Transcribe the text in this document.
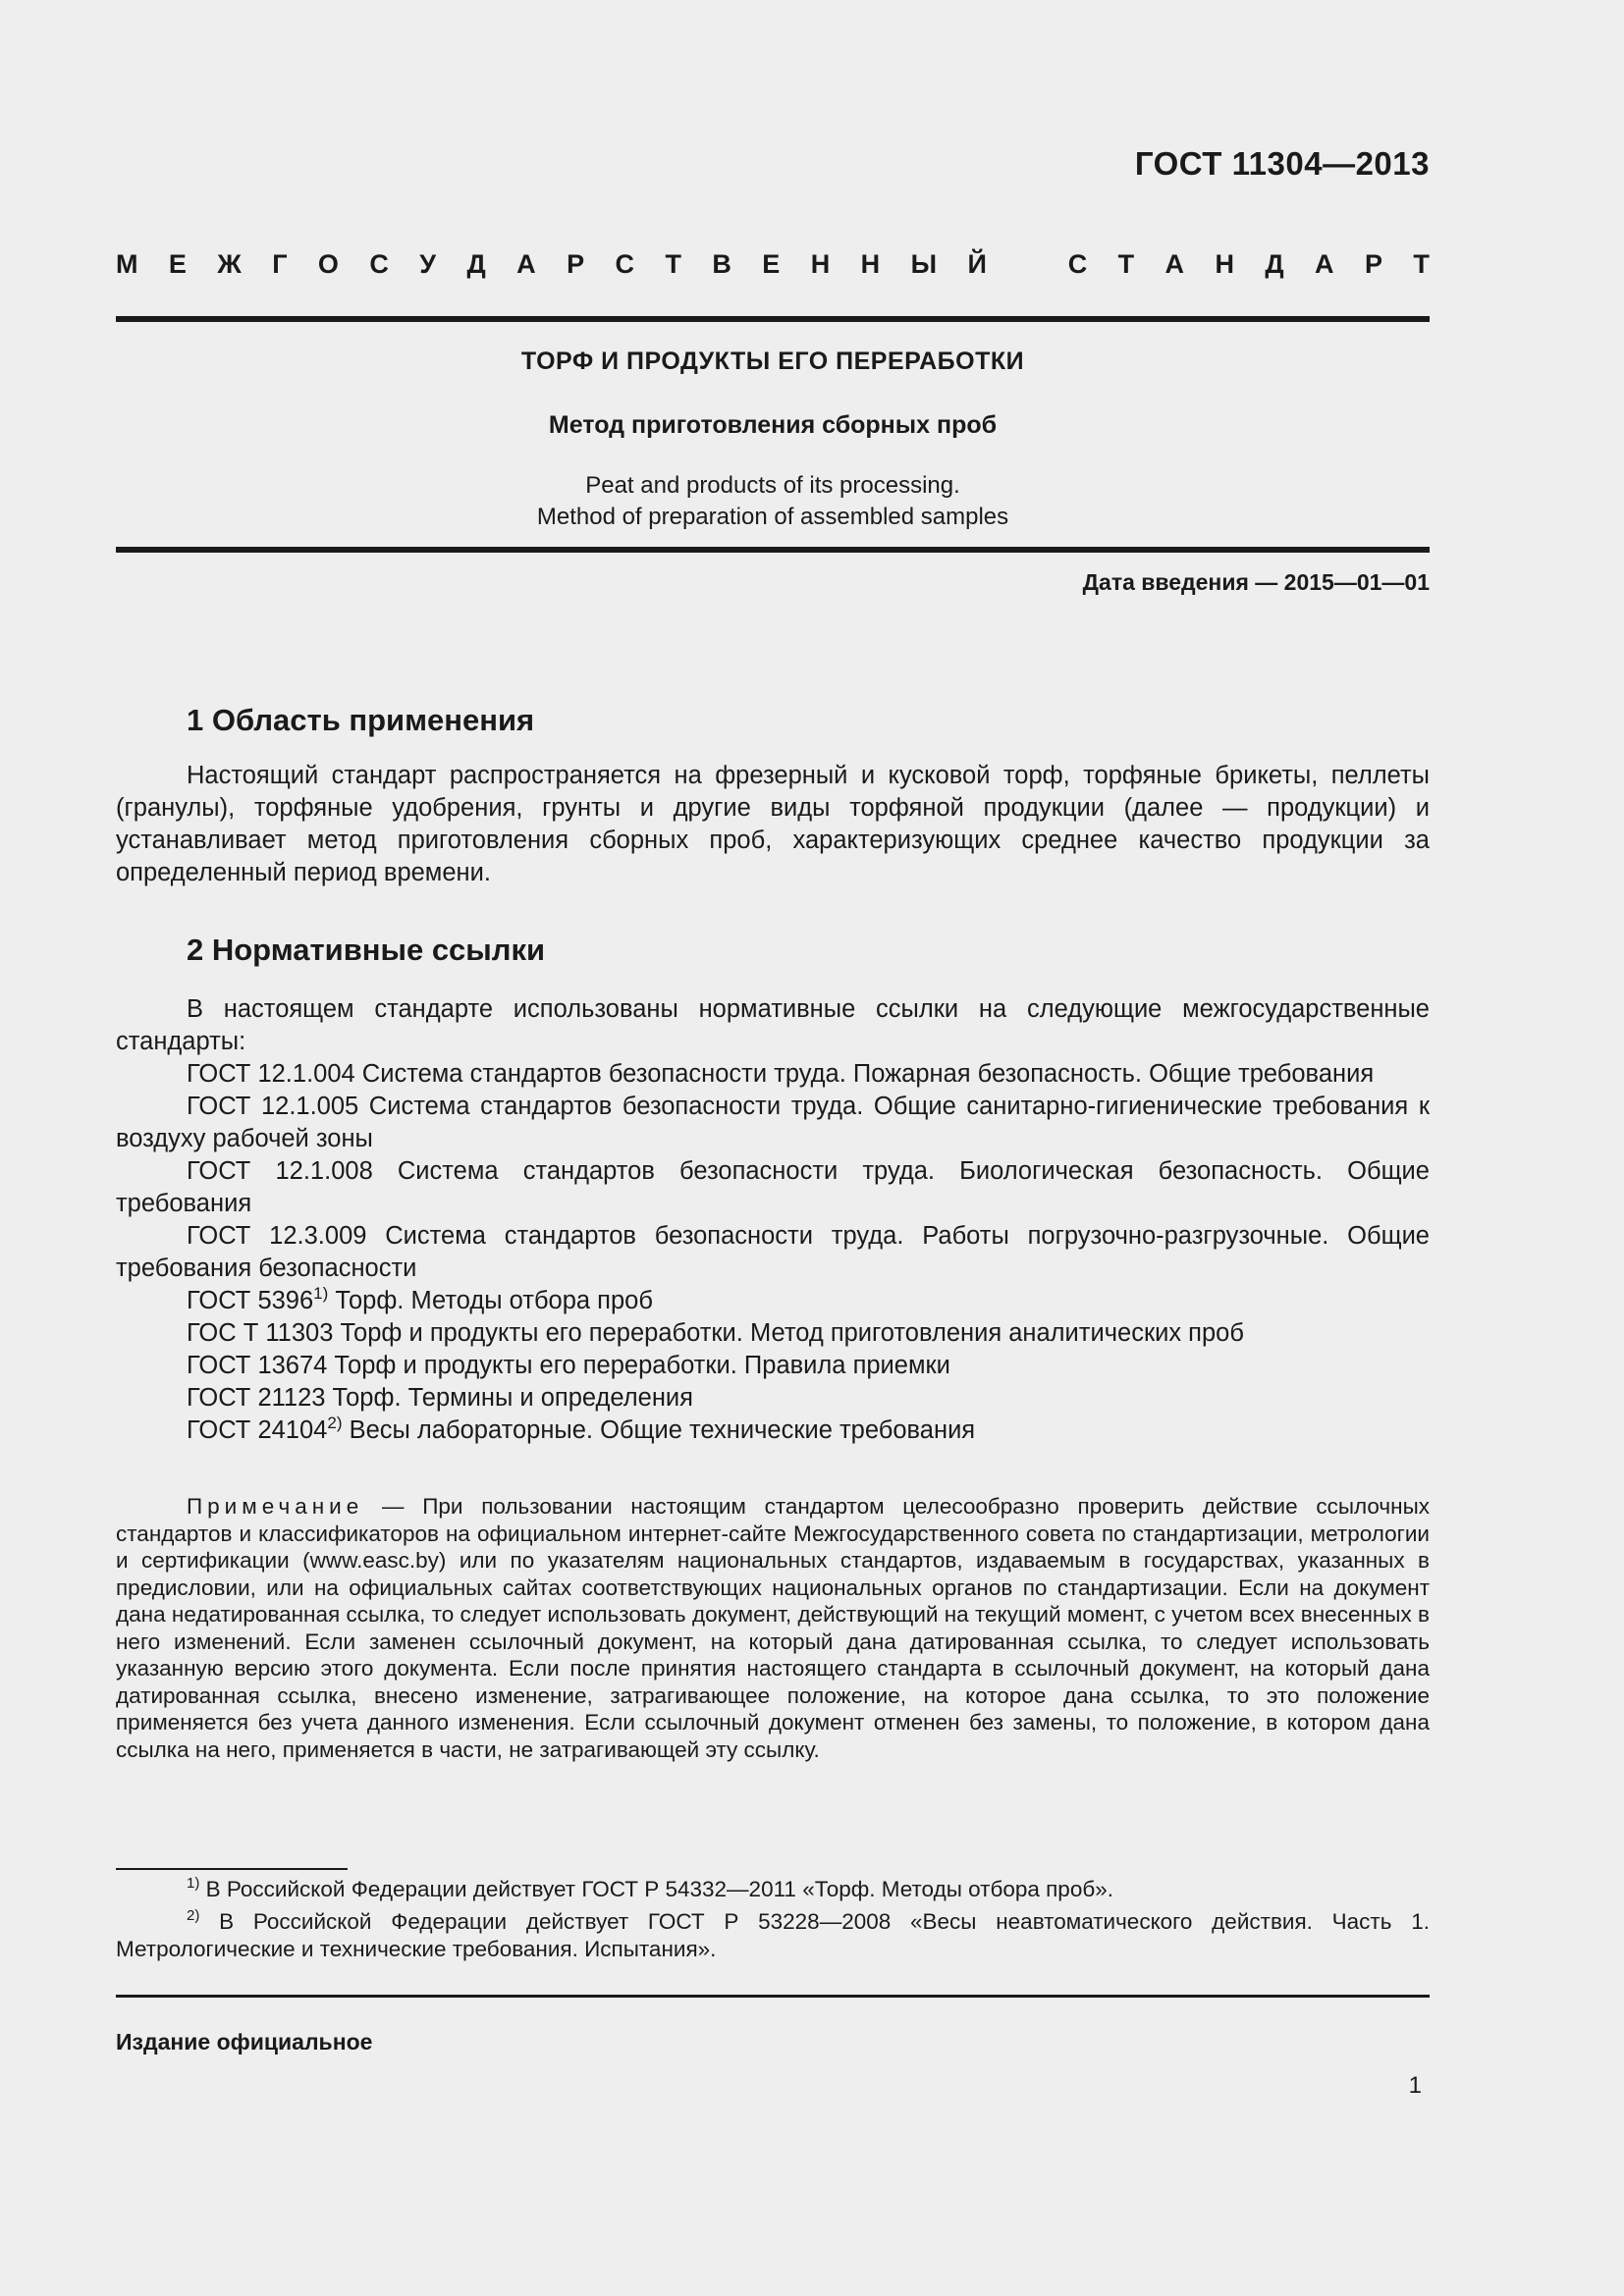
ГОСТ 11304—2013
М Е Ж Г О С У Д А Р С Т В Е Н Н Ы Й	С Т А Н Д А Р Т
ТОРФ И ПРОДУКТЫ ЕГО ПЕРЕРАБОТКИ
Метод приготовления сборных проб
Peat and products of its processing.
Method of preparation of assembled samples
Дата введения — 2015—01—01
1 Область применения
Настоящий стандарт распространяется на фрезерный и кусковой торф, торфяные брикеты, пеллеты (гранулы), торфяные удобрения, грунты и другие виды торфяной продукции (далее — продукции) и устанавливает метод приготовления сборных проб, характеризующих среднее качество продукции за определенный период времени.
2 Нормативные ссылки

В настоящем стандарте использованы нормативные ссылки на следующие межгосударственные стандарты:

ГОСТ 12.1.004 Система стандартов безопасности труда. Пожарная безопасность. Общие требования

ГОСТ 12.1.005 Система стандартов безопасности труда. Общие санитарно-гигиенические требования к воздуху рабочей зоны

ГОСТ 12.1.008 Система стандартов безопасности труда. Биологическая безопасность. Общие требования

ГОСТ 12.3.009 Система стандартов безопасности труда. Работы погрузочно-разгрузочные. Общие требования безопасности

ГОСТ 5396$^{1)}$ Торф. Методы отбора проб

ГОС Т 11303 Торф и продукты его переработки. Метод приготовления аналитических проб

ГОСТ 13674 Торф и продукты его переработки. Правила приемки

ГОСТ 21123 Торф. Термины и определения

ГОСТ 24104$^{2)}$ Весы лабораторные. Общие технические требования

Примечание — При пользовании настоящим стандартом целесообразно проверить действие ссылочных стандартов и классификаторов на официальном интернет-сайте Межгосударственного совета по стандартизации, метрологии и сертификации (www.easc.by) или по указателям национальных стандартов, издаваемым в государствах, указанных в предисловии, или на официальных сайтах соответствующих национальных органов по стандартизации. Если на документ дана недатированная ссылка, то следует использовать документ, действующий на текущий момент, с учетом всех внесенных в него изменений. Если заменен ссылочный документ, на который дана датированная ссылка, то следует использовать указанную версию этого документа. Если после принятия настоящего стандарта в ссылочный документ, на который дана датированная ссылка, внесено изменение, затрагивающее положение, на которое дана ссылка, то это положение применяется без учета данного изменения. Если ссылочный документ отменен без замены, то положение, в котором дана ссылка на него, применяется в части, не затрагивающей эту ссылку.

$^{1)}$ В Российской Федерации действует ГОСТ Р 54332—2011 «Торф. Методы отбора проб».

$^{2)}$ В Российской Федерации действует ГОСТ Р 53228—2008 «Весы неавтоматического действия. Часть 1. Метрологические и технические требования. Испытания».

Издание официальное
1
